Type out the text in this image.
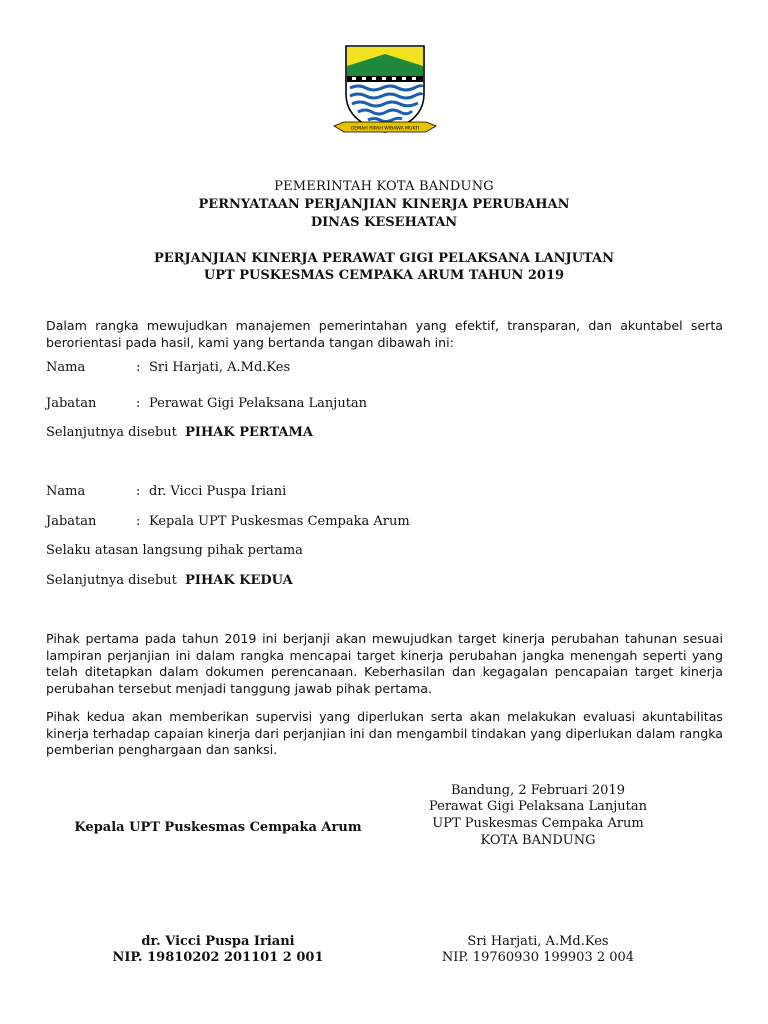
GEMAH RIPAH WIBAWA MUKTI
PEMERINTAH KOTA BANDUNG
PERNYATAAN PERJANJIAN KINERJA PERUBAHAN
DINAS KESEHATAN
PERJANJIAN KINERJA PERAWAT GIGI PELAKSANA LANJUTAN
UPT PUSKESMAS CEMPAKA ARUM TAHUN 2019
Dalam rangka mewujudkan manajemen pemerintahan yang efektif, transparan, dan akuntabel serta berorientasi pada hasil, kami yang bertanda tangan dibawah ini:
Nama	: Sri Harjati, A.Md.Kes
Jabatan	: Perawat Gigi Pelaksana Lanjutan
Selanjutnya disebut PIHAK PERTAMA
Nama	: dr. Vicci Puspa Iriani
Jabatan	: Kepala UPT Puskesmas Cempaka Arum
Selaku atasan langsung pihak pertama
Selanjutnya disebut PIHAK KEDUA
Pihak pertama pada tahun 2019 ini berjanji akan mewujudkan target kinerja perubahan tahunan sesuai lampiran perjanjian ini dalam rangka mencapai target kinerja perubahan jangka menengah seperti yang telah ditetapkan dalam dokumen perencanaan. Keberhasilan dan kegagalan pencapaian target kinerja perubahan tersebut menjadi tanggung jawab pihak pertama.
Pihak kedua akan memberikan supervisi yang diperlukan serta akan melakukan evaluasi akuntabilitas kinerja terhadap capaian kinerja dari perjanjian ini dan mengambil tindakan yang diperlukan dalam rangka pemberian penghargaan dan sanksi.
Bandung, 2 Februari 2019
Perawat Gigi Pelaksana Lanjutan
UPT Puskesmas Cempaka Arum
KOTA BANDUNG
Kepala UPT Puskesmas Cempaka Arum
dr. Vicci Puspa Iriani
NIP. 19810202 201101 2 001
Sri Harjati, A.Md.Kes
NIP. 19760930 199903 2 004
